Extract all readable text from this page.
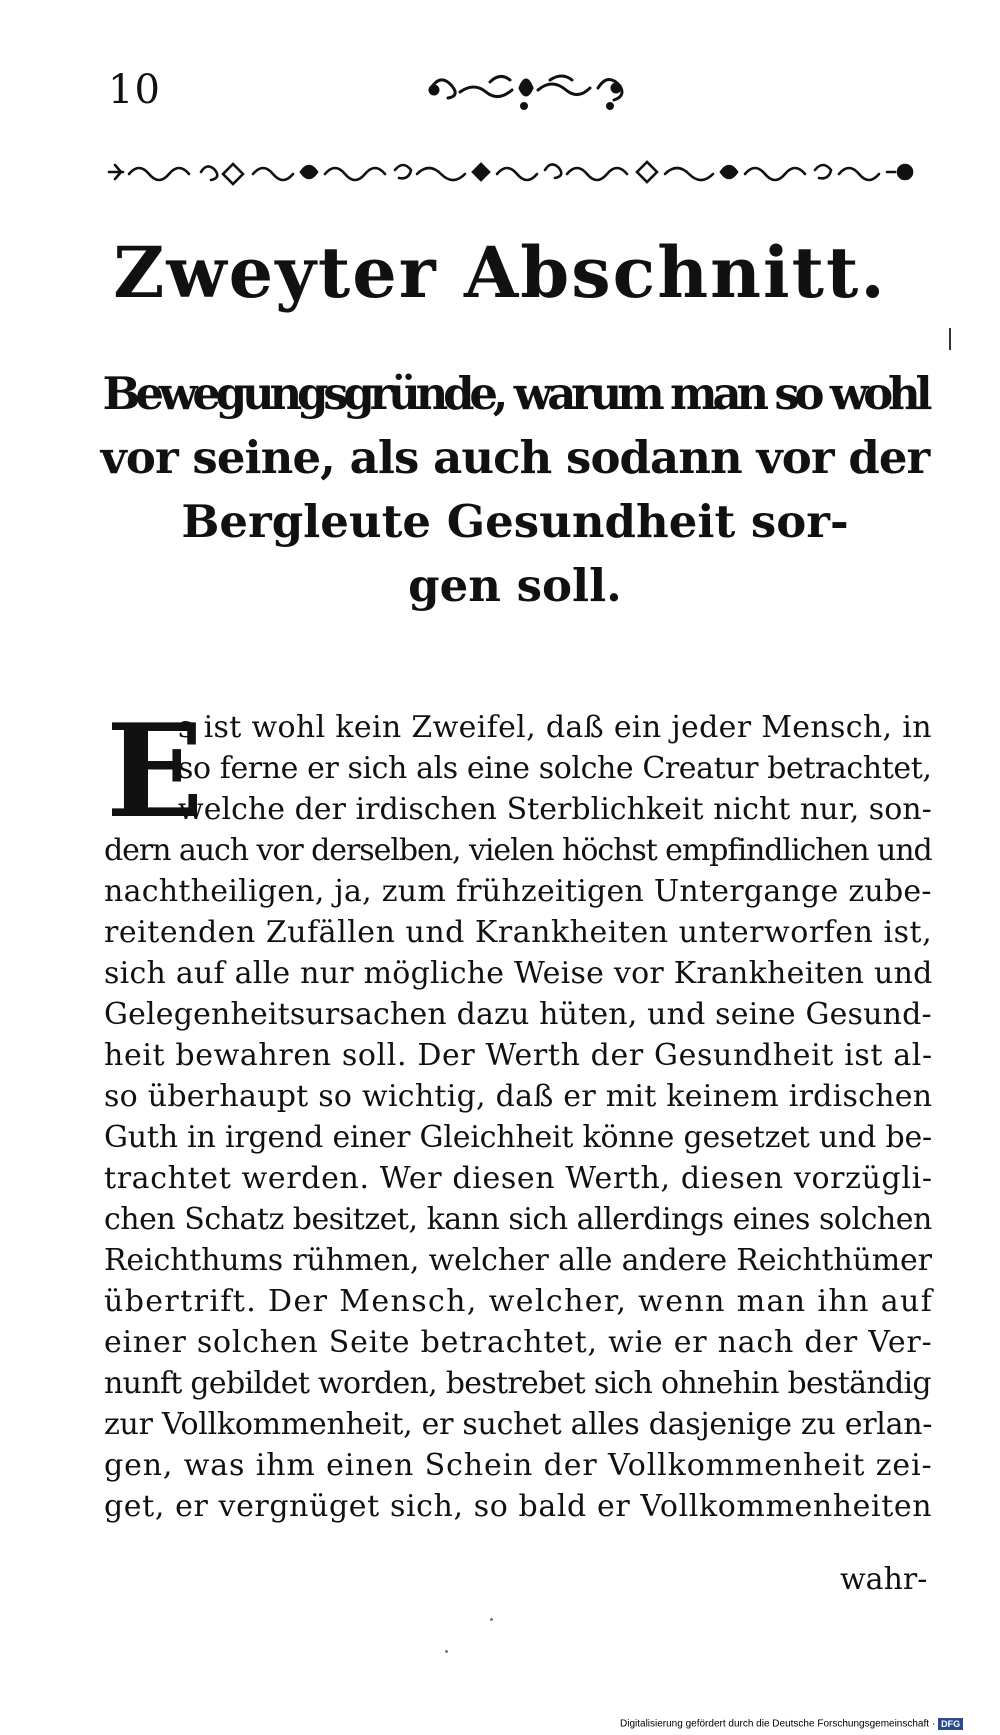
10
Zweyter Abschnitt.
Bewegungsgründe, warum man so wohl
vor seine, als auch sodann vor der
Bergleute Gesundheit sor-
gen soll.
E
s ist wohl kein Zweifel, daß ein jeder Mensch, in
so ferne er sich als eine solche Creatur betrachtet,
welche der irdischen Sterblichkeit nicht nur, son-
dern auch vor derselben, vielen höchst empfindlichen und
nachtheiligen, ja, zum frühzeitigen Untergange zube-
reitenden Zufällen und Krankheiten unterworfen ist,
sich auf alle nur mögliche Weise vor Krankheiten und
Gelegenheitsursachen dazu hüten, und seine Gesund-
heit bewahren soll. Der Werth der Gesundheit ist al-
so überhaupt so wichtig, daß er mit keinem irdischen
Guth in irgend einer Gleichheit könne gesetzet und be-
trachtet werden. Wer diesen Werth, diesen vorzügli-
chen Schatz besitzet, kann sich allerdings eines solchen
Reichthums rühmen, welcher alle andere Reichthümer
übertrift. Der Mensch, welcher, wenn man ihn auf
einer solchen Seite betrachtet, wie er nach der Ver-
nunft gebildet worden, bestrebet sich ohnehin beständig
zur Vollkommenheit, er suchet alles dasjenige zu erlan-
gen, was ihm einen Schein der Vollkommenheit zei-
get, er vergnüget sich, so bald er Vollkommenheiten
wahr-
Digitalisierung gefördert durch die Deutsche Forschungsgemeinschaft · DFG
